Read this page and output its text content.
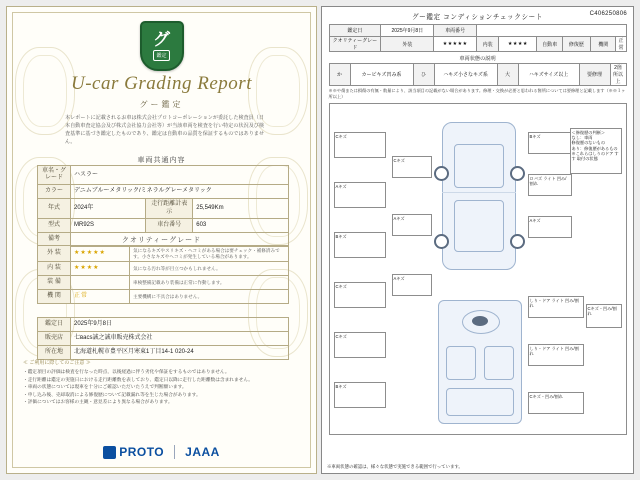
グ
鑑定
U-car Grading Report
グー鑑定
本レポートに記載されるお車は株式会社プロトコーポレーションが委託した検査員（日本自動車査定協会及び株式会社協力会社等）が当該車両を検査を行い特定の状況及び検査基準に基づき鑑定したものであり、鑑定は自動車の品質を保証するものではありません。
車両共通内容
車名・グレード	ハスラー		
カラー	デニムブルーメタリック/ミネラルグレーメタリック		
年式	2024年	走行距離計表示	25,549Km
型式	MR92S	車台番号	603
備考				クオリティーグレード
外 装	★★★★★	気になるキズやスリキズ・ヘコミがある場合は要チェック・補修済みです。小さなキズやヘコミが発生している場合があります。
内 装	★★★★	気になる汚れ等が目立つかもしれません。
装 備		車検整備記載あり装備は正常に作動します。
機 関	正常	主要機構に不具合はありません。
鑑定日	2025年9月8日
販売店	七васs誠之誠車販売株式会社
所在地	北海道札幌市豊平区月寒東1丁目14-1 020-24
≪ ご利用に際してのご注意 ≫
・鑑定項目の評価は検査を行なった時点、以後経過に伴う劣化や保証をするものではありません。
・走行距離は鑑定の実施日における走行距離数を表しており、鑑定日以降に走行した距離数は含まれません。
・車両の状態については現車を十分にご確認いただいたうえで判断願います。
・申し込み後、売却取消による修復歴について記載漏れ等を生じた場合があります。
・評価についてはお客様の主観・意見差により異なる場合があります。
PROTO JAAA
グー鑑定 コンディションチェックシート	C406250806
鑑定日	2025年9月8日	車両番号						
クオリティーグレード	外装	★★★★★	内装	★★★★	自動車	修復歴	機関	正常
車両状態の説明
か	カービキズ凹み系	ひ	ハキズ小さなキズ系	大	ハキズサイズ以上	要修理	2箇所以上
※※や傷または損傷の有無・数量により、該当項目の記載がない場合があります。修理・交換が必要と思われる箇所については要修理と記載します（※※１ヶ所以上）
Cキズ
Aキズ
Bキズ
Cキズ
Cキズ
Bキズ
Cキズ
Aキズ
Aキズ
Bキズ
ロバズ ライト 凹み/割れ
Aキズ
しり・ドア ライト 凹み/割れ
しり・ドア ライト 凹み/割れ
Cキズ・凹み/割れ
＜修復歴の判断＞
なし：車両
修復歴のないもの
あり：修復歴があるもの
※これらはしりのドア すす 取付の状態
Cキズ・凹み/割れ
※車両状態の確認は、様々な状態で実施できる範囲で行っています。
